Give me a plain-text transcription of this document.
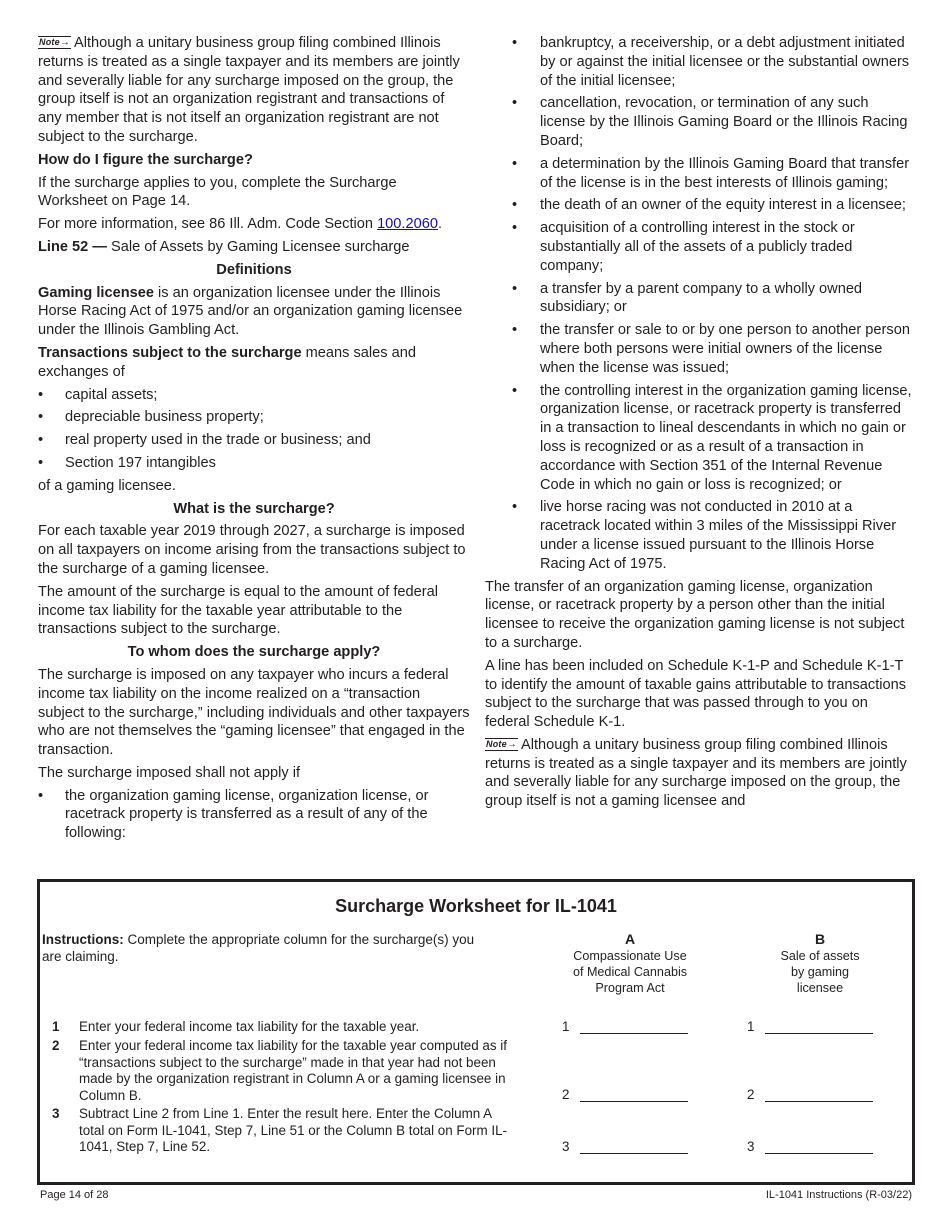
Note→ Although a unitary business group filing combined Illinois returns is treated as a single taxpayer and its members are jointly and severally liable for any surcharge imposed on the group, the group itself is not an organization registrant and transactions of any member that is not itself an organization registrant are not subject to the surcharge.

How do I figure the surcharge?

If the surcharge applies to you, complete the Surcharge Worksheet on Page 14.

For more information, see 86 Ill. Adm. Code Section 100.2060.

Line 52 — Sale of Assets by Gaming Licensee surcharge

Definitions

Gaming licensee is an organization licensee under the Illinois Horse Racing Act of 1975 and/or an organization gaming licensee under the Illinois Gambling Act.

Transactions subject to the surcharge means sales and exchanges of

• capital assets;
• depreciable business property;
• real property used in the trade or business; and
• Section 197 intangibles

of a gaming licensee.

What is the surcharge?

For each taxable year 2019 through 2027, a surcharge is imposed on all taxpayers on income arising from the transactions subject to the surcharge of a gaming licensee.

The amount of the surcharge is equal to the amount of federal income tax liability for the taxable year attributable to the transactions subject to the surcharge.

To whom does the surcharge apply?

The surcharge is imposed on any taxpayer who incurs a federal income tax liability on the income realized on a “transaction subject to the surcharge,” including individuals and other taxpayers who are not themselves the “gaming licensee” that engaged in the transaction.

The surcharge imposed shall not apply if

• the organization gaming license, organization license, or racetrack property is transferred as a result of any of the following:
• bankruptcy, a receivership, or a debt adjustment initiated by or against the initial licensee or the substantial owners of the initial licensee;
• cancellation, revocation, or termination of any such license by the Illinois Gaming Board or the Illinois Racing Board;
• a determination by the Illinois Gaming Board that transfer of the license is in the best interests of Illinois gaming;
• the death of an owner of the equity interest in a licensee;
• acquisition of a controlling interest in the stock or substantially all of the assets of a publicly traded company;
• a transfer by a parent company to a wholly owned subsidiary; or
• the transfer or sale to or by one person to another person where both persons were initial owners of the license when the license was issued;
• the controlling interest in the organization gaming license, organization license, or racetrack property is transferred in a transaction to lineal descendants in which no gain or loss is recognized or as a result of a transaction in accordance with Section 351 of the Internal Revenue Code in which no gain or loss is recognized; or
• live horse racing was not conducted in 2010 at a racetrack located within 3 miles of the Mississippi River under a license issued pursuant to the Illinois Horse Racing Act of 1975.

The transfer of an organization gaming license, organization license, or racetrack property by a person other than the initial licensee to receive the organization gaming license is not subject to a surcharge.

A line has been included on Schedule K-1-P and Schedule K-1-T to identify the amount of taxable gains attributable to transactions subject to the surcharge that was passed through to you on federal Schedule K-1.

Note→ Although a unitary business group filing combined Illinois returns is treated as a single taxpayer and its members are jointly and severally liable for any surcharge imposed on the group, the group itself is not a gaming licensee and

Surcharge Worksheet for IL-1041
Instructions: Complete the appropriate column for the surcharge(s) you are claiming.
A
Compassionate Use of Medical Cannabis Program Act
B
Sale of assets by gaming licensee
1 Enter your federal income tax liability for the taxable year.
2 Enter your federal income tax liability for the taxable year computed as if “transactions subject to the surcharge” made in that year had not been made by the organization registrant in Column A or a gaming licensee in Column B.
3 Subtract Line 2 from Line 1. Enter the result here. Enter the Column A total on Form IL-1041, Step 7, Line 51 or the Column B total on Form IL-1041, Step 7, Line 52.
1	1
2	2
3	3
Page 14 of 28	IL-1041 Instructions (R-03/22)
